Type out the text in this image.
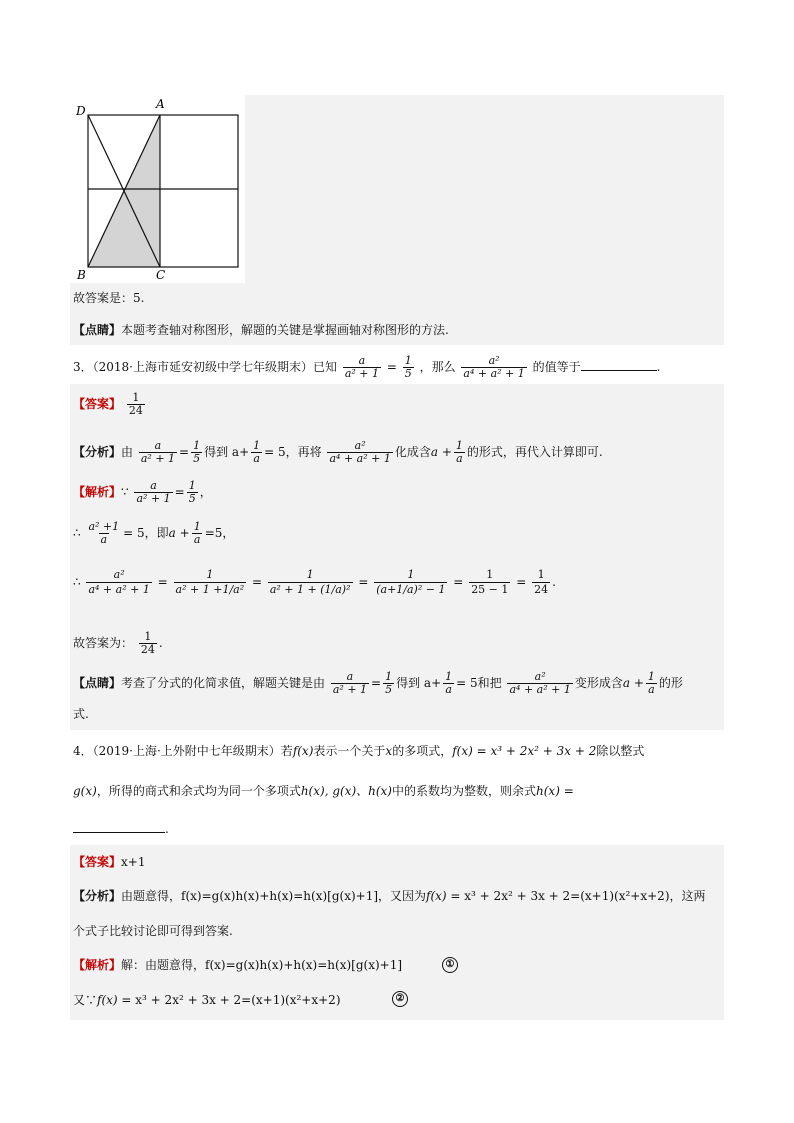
D	A
B	C
故答案是：5.
【点睛】本题考查轴对称图形，解题的关键是掌握画轴对称图形的方法.
3．（2018·上海市延安初级中学七年级期末）已知 $\frac{a}{\text{a² + 1}} = \frac{1}{5}$ ，那么 $\frac{\text{a²}}{\text{a⁴ + a² + 1}}$ 的值等于	.
【答案】 $\frac{1}{24}$
【分析】由 $\frac{a}{\text{a² + 1}} = \frac{1}{5}$ 得到 $a+ \frac{1}{a} = 5$，再将 $\frac{\text{a²}}{\text{a⁴ + a² + 1}}$ 化成含$a + \frac{1}{a}$ 的形式，再代入计算即可.
【解析】∵ $\frac{a}{\text{a² + 1}} = \frac{1}{5}$ ，
∴ $\frac{\text{a² +1}}{a} = 5$，即$a + \frac{1}{a} =5$，
∴ $\frac{\text{a²}}{\text{a⁴ + a² + 1}} = \frac{1}{\text{a² + 1 +1/a²}} = \frac{1}{\text{a² + 1 + (1/a)²}} = \frac{1}{\text{(a+1/a)² − 1}} = \frac{1}{25 - 1} = \frac{1}{24}$ .
故答案为： $\frac{1}{24}$ .
【点睛】考查了分式的化简求值，解题关键是由 $\frac{a}{\text{a² + 1}} = \frac{1}{5}$ 得到 $a+ \frac{1}{a} = 5$和把 $\frac{\text{a²}}{\text{a⁴ + a² + 1}}$ 变形成含$a + \frac{1}{a}$ 的形
式.
4．（2019·上海·上外附中七年级期末）若f(x)表示一个关于x的多项式，f(x) = x³ + 2x² + 3x + 2除以整式
g(x)，所得的商式和余式均为同一个多项式h(x), g(x)、h(x)中的系数均为整数，则余式h(x) =
.
【答案】x+1
【分析】由题意得，f(x)=g(x)h(x)+h(x)=h(x)[g(x)+1]，又因为f(x) = x³ + 2x² + 3x + 2=(x+1)(x²+x+2)，这两
个式子比较讨论即可得到答案.
【解析】解：由题意得，f(x)=g(x)h(x)+h(x)=h(x)[g(x)+1]	①
又∵f(x) = x³ + 2x² + 3x + 2=(x+1)(x²+x+2)	②
